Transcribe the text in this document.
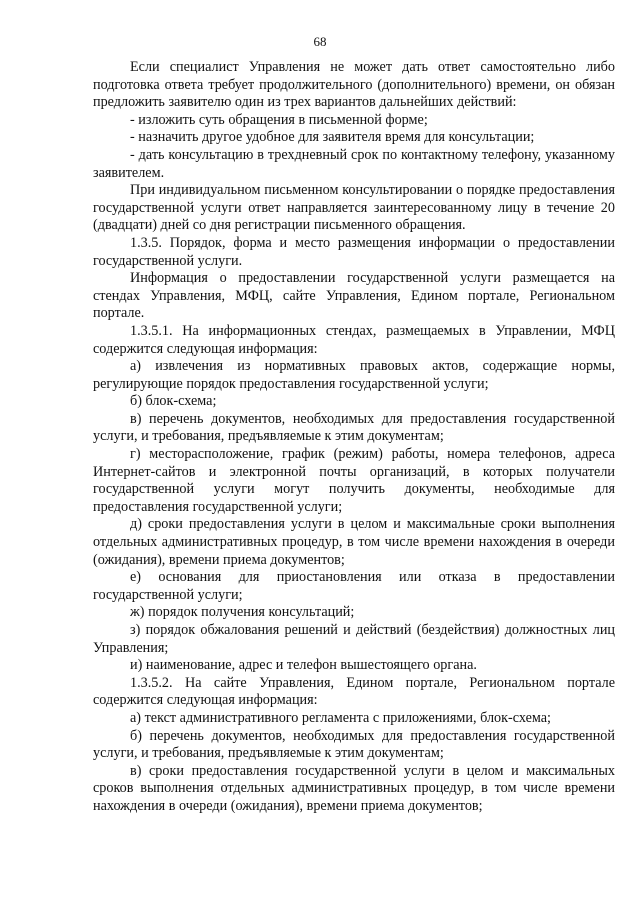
68

Если специалист Управления не может дать ответ самостоятельно либо подготовка ответа требует продолжительного (дополнительного) времени, он обязан предложить заявителю один из трех вариантов дальнейших действий:

- изложить суть обращения в письменной форме;

- назначить другое удобное для заявителя время для консультации;

- дать консультацию в трехдневный срок по контактному телефону, указанному заявителем.

При индивидуальном письменном консультировании о порядке предоставления государственной услуги ответ направляется заинтересованному лицу в течение 20 (двадцати) дней со дня регистрации письменного обращения.

1.3.5. Порядок, форма и место размещения информации о предоставлении государственной услуги.

Информация о предоставлении государственной услуги размещается на стендах Управления, МФЦ, сайте Управления, Едином портале, Региональном портале.

1.3.5.1. На информационных стендах, размещаемых в Управлении, МФЦ содержится следующая информация:

а) извлечения из нормативных правовых актов, содержащие нормы, регулирующие порядок предоставления государственной услуги;

б) блок-схема;

в) перечень документов, необходимых для предоставления государственной услуги, и требования, предъявляемые к этим документам;

г) месторасположение, график (режим) работы, номера телефонов, адреса Интернет-сайтов и электронной почты организаций, в которых получатели государственной услуги могут получить документы, необходимые для предоставления государственной услуги;

д) сроки предоставления услуги в целом и максимальные сроки выполнения отдельных административных процедур, в том числе времени нахождения в очереди (ожидания), времени приема документов;

е) основания для приостановления или отказа в предоставлении государственной услуги;

ж) порядок получения консультаций;

з) порядок обжалования решений и действий (бездействия) должностных лиц Управления;

и) наименование, адрес и телефон вышестоящего органа.

1.3.5.2. На сайте Управления, Едином портале, Региональном портале содержится следующая информация:

а) текст административного регламента с приложениями, блок-схема;

б) перечень документов, необходимых для предоставления государственной услуги, и требования, предъявляемые к этим документам;

в) сроки предоставления государственной услуги в целом и максимальных сроков выполнения отдельных административных процедур, в том числе времени нахождения в очереди (ожидания), времени приема документов;
